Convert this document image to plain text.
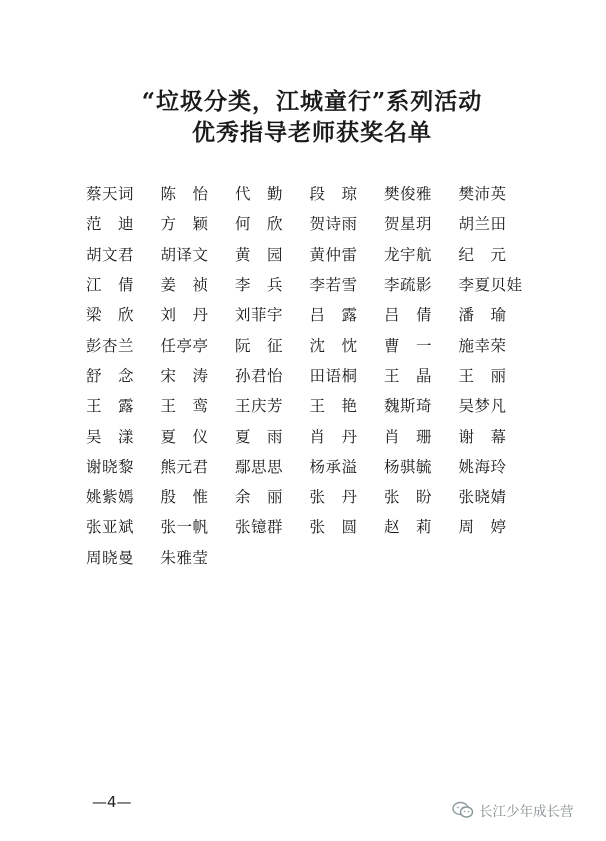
“垃圾分类，江城童行”系列活动
优秀指导老师获奖名单
蔡天词	陈　怡	代　勤	段　琼	樊俊雅	樊沛英
范　迪	方　颖	何　欣	贺诗雨	贺星玥	胡兰田
胡文君	胡译文	黄　园	黄仲雷	龙宇航	纪　元
江　倩	姜　祯	李　兵	李若雪	李疏影	李夏贝娃
梁　欣	刘　丹	刘菲宇	吕　露	吕　倩	潘　瑜
彭杏兰	任亭亭	阮　征	沈　忱	曹　一	施幸荣
舒　念	宋　涛	孙君怡	田语桐	王　晶	王　丽
王　露	王　鸾	王庆芳	王　艳	魏斯琦	吴梦凡
吴　漾	夏　仪	夏　雨	肖　丹	肖　珊	谢　幕
谢晓黎	熊元君	鄢思思	杨承溢	杨骐毓	姚海玲
姚紫嫣	殷　惟	余　丽	张　丹	张　盼	张晓婧
张亚斌	张一帆	张镱群	张　圆	赵　莉	周　婷
周晓曼	朱雅莹
—4—
长江少年成长营
